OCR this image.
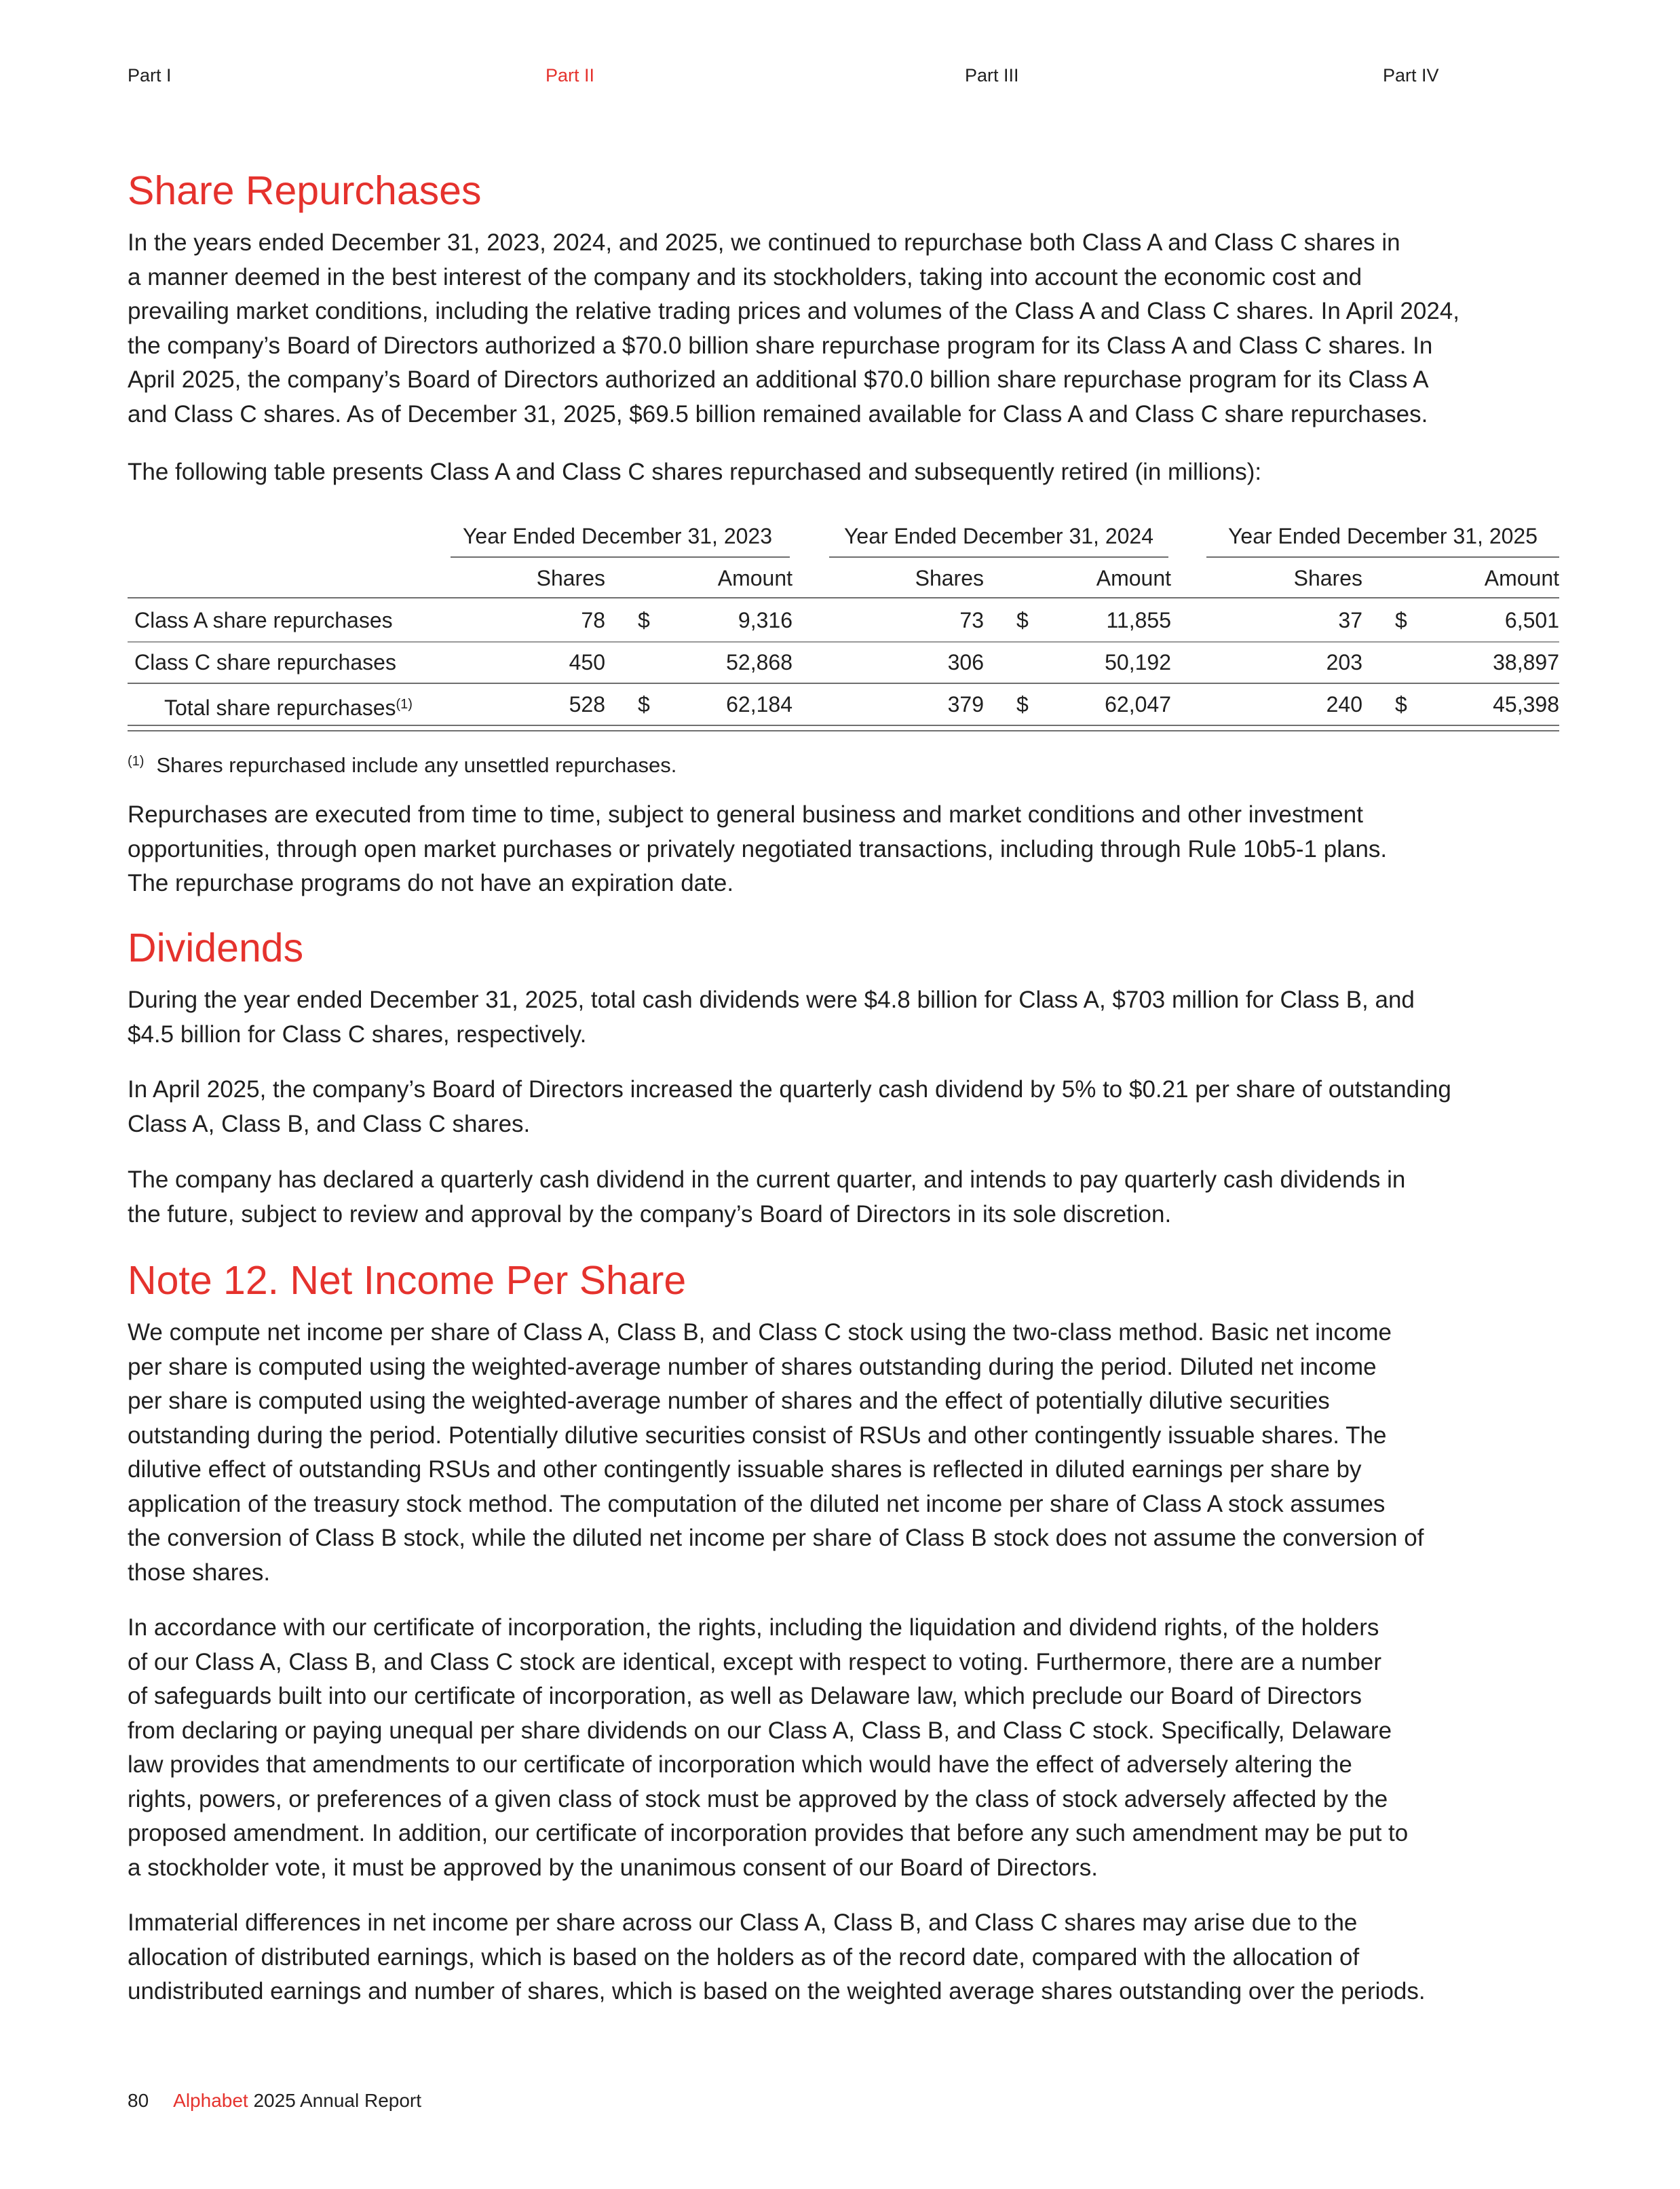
Part I	Part II	Part III	Part IV
Share Repurchases

In the years ended December 31, 2023, 2024, and 2025, we continued to repurchase both Class A and Class C shares in
a manner deemed in the best interest of the company and its stockholders, taking into account the economic cost and
prevailing market conditions, including the relative trading prices and volumes of the Class A and Class C shares. In April 2024,
the company’s Board of Directors authorized a $70.0 billion share repurchase program for its Class A and Class C shares. In
April 2025, the company’s Board of Directors authorized an additional $70.0 billion share repurchase program for its Class A
and Class C shares. As of December 31, 2025, $69.5 billion remained available for Class A and Class C share repurchases.

The following table presents Class A and Class C shares repurchased and subsequently retired (in millions):

Year Ended December 31, 2023	Year Ended December 31, 2024	Year Ended December 31, 2025
Shares	Amount	Shares	Amount	Shares	Amount
Class A share repurchases	78 $	9,316	73 $	11,855	37 $	6,501
Class C share repurchases	450	52,868	306	50,192	203	38,897
Total share repurchases$^{(1)}$	528 $	62,184	379 $	62,047	240 $	45,398
$^{(1)}$ Shares repurchased include any unsettled repurchases.

Repurchases are executed from time to time, subject to general business and market conditions and other investment
opportunities, through open market purchases or privately negotiated transactions, including through Rule 10b5-1 plans.
The repurchase programs do not have an expiration date.

Dividends

During the year ended December 31, 2025, total cash dividends were $4.8 billion for Class A, $703 million for Class B, and
$4.5 billion for Class C shares, respectively.

In April 2025, the company’s Board of Directors increased the quarterly cash dividend by 5% to $0.21 per share of outstanding
Class A, Class B, and Class C shares.

The company has declared a quarterly cash dividend in the current quarter, and intends to pay quarterly cash dividends in
the future, subject to review and approval by the company’s Board of Directors in its sole discretion.

Note 12. Net Income Per Share

We compute net income per share of Class A, Class B, and Class C stock using the two-class method. Basic net income
per share is computed using the weighted-average number of shares outstanding during the period. Diluted net income
per share is computed using the weighted-average number of shares and the effect of potentially dilutive securities
outstanding during the period. Potentially dilutive securities consist of RSUs and other contingently issuable shares. The
dilutive effect of outstanding RSUs and other contingently issuable shares is reflected in diluted earnings per share by
application of the treasury stock method. The computation of the diluted net income per share of Class A stock assumes
the conversion of Class B stock, while the diluted net income per share of Class B stock does not assume the conversion of
those shares.

In accordance with our certificate of incorporation, the rights, including the liquidation and dividend rights, of the holders
of our Class A, Class B, and Class C stock are identical, except with respect to voting. Furthermore, there are a number
of safeguards built into our certificate of incorporation, as well as Delaware law, which preclude our Board of Directors
from declaring or paying unequal per share dividends on our Class A, Class B, and Class C stock. Specifically, Delaware
law provides that amendments to our certificate of incorporation which would have the effect of adversely altering the
rights, powers, or preferences of a given class of stock must be approved by the class of stock adversely affected by the
proposed amendment. In addition, our certificate of incorporation provides that before any such amendment may be put to
a stockholder vote, it must be approved by the unanimous consent of our Board of Directors.

Immaterial differences in net income per share across our Class A, Class B, and Class C shares may arise due to the
allocation of distributed earnings, which is based on the holders as of the record date, compared with the allocation of
undistributed earnings and number of shares, which is based on the weighted average shares outstanding over the periods.

80 Alphabet 2025 Annual Report
